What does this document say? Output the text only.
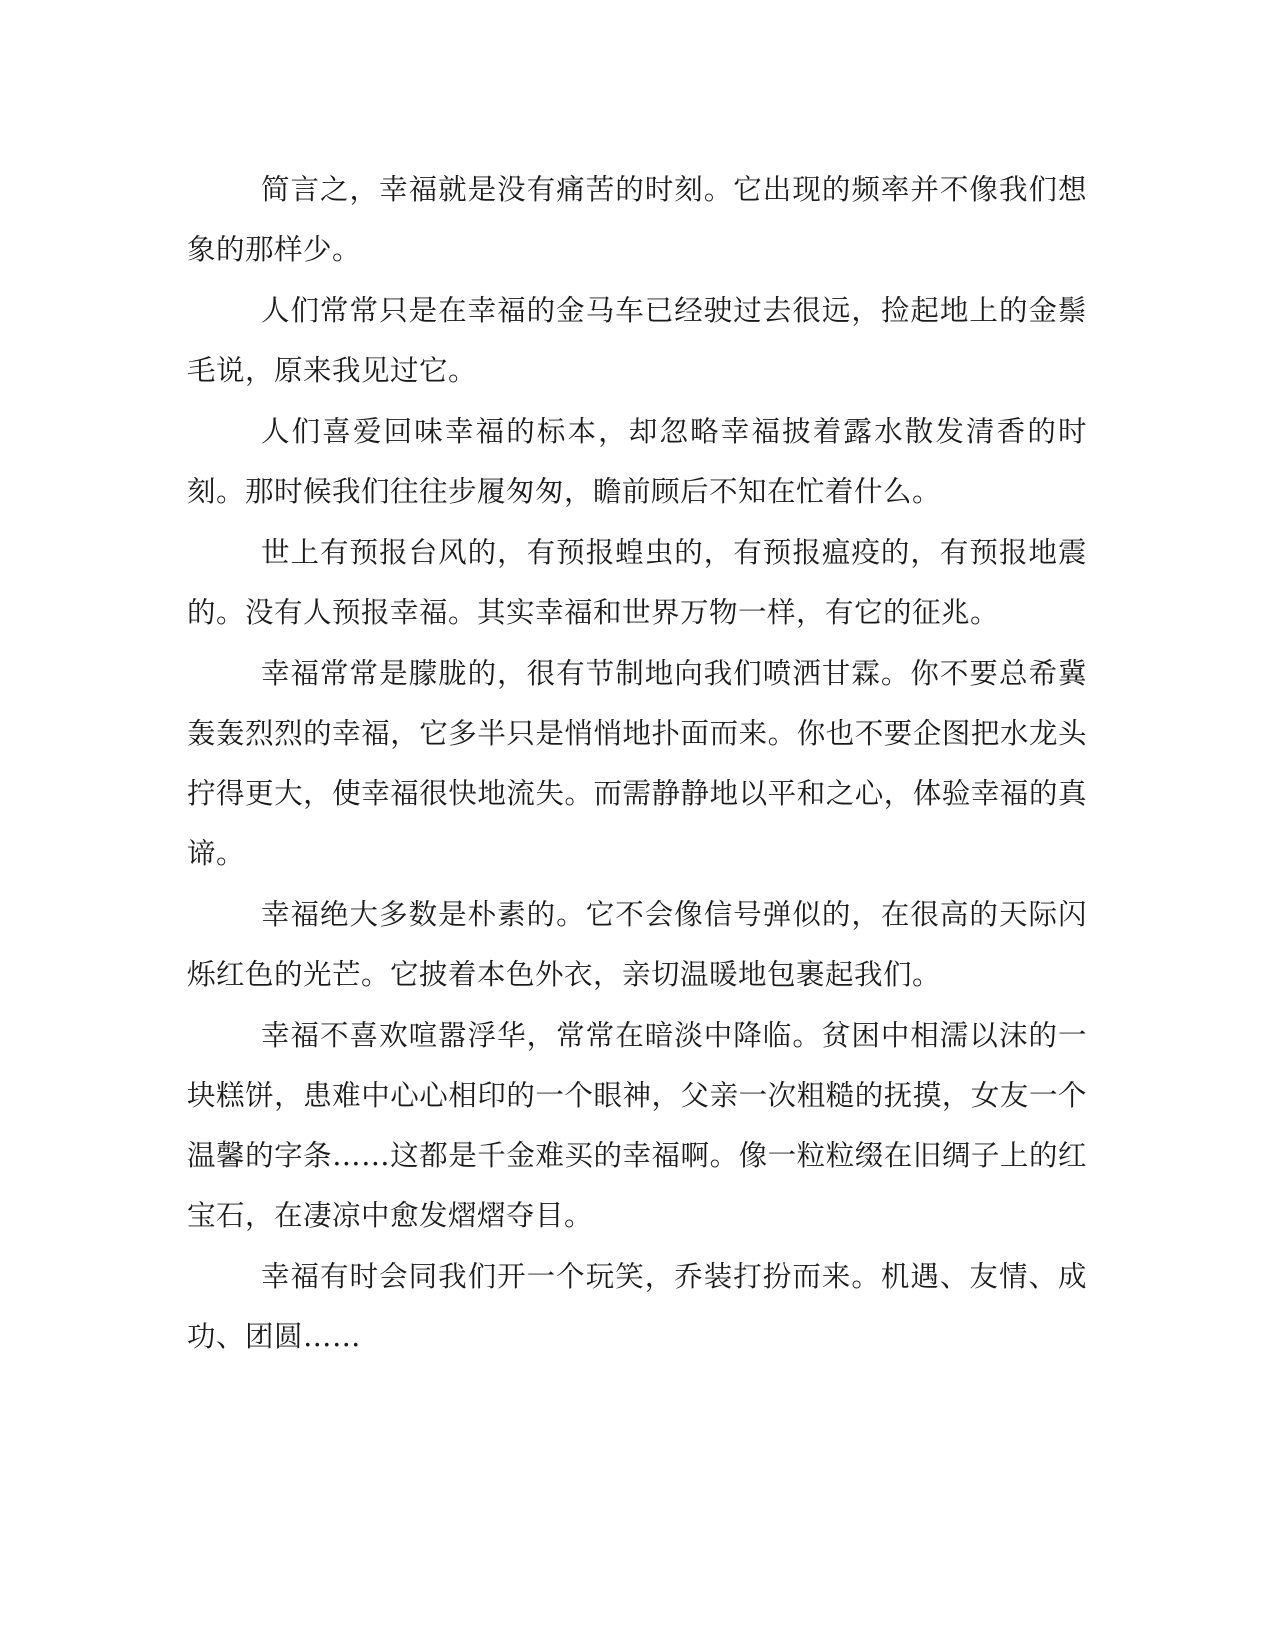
简言之，幸福就是没有痛苦的时刻。它出现的频率并不像我们想象的那样少。

人们常常只是在幸福的金马车已经驶过去很远，捡起地上的金鬃毛说，原来我见过它。

人们喜爱回味幸福的标本，却忽略幸福披着露水散发清香的时刻。那时候我们往往步履匆匆，瞻前顾后不知在忙着什么。

世上有预报台风的，有预报蝗虫的，有预报瘟疫的，有预报地震的。没有人预报幸福。其实幸福和世界万物一样，有它的征兆。

幸福常常是朦胧的，很有节制地向我们喷洒甘霖。你不要总希冀轰轰烈烈的幸福，它多半只是悄悄地扑面而来。你也不要企图把水龙头拧得更大，使幸福很快地流失。而需静静地以平和之心，体验幸福的真谛。

幸福绝大多数是朴素的。它不会像信号弹似的，在很高的天际闪烁红色的光芒。它披着本色外衣，亲切温暖地包裹起我们。

幸福不喜欢喧嚣浮华，常常在暗淡中降临。贫困中相濡以沫的一块糕饼，患难中心心相印的一个眼神，父亲一次粗糙的抚摸，女友一个温馨的字条……这都是千金难买的幸福啊。像一粒粒缀在旧绸子上的红宝石，在凄凉中愈发熠熠夺目。

幸福有时会同我们开一个玩笑，乔装打扮而来。机遇、友情、成功、团圆……
